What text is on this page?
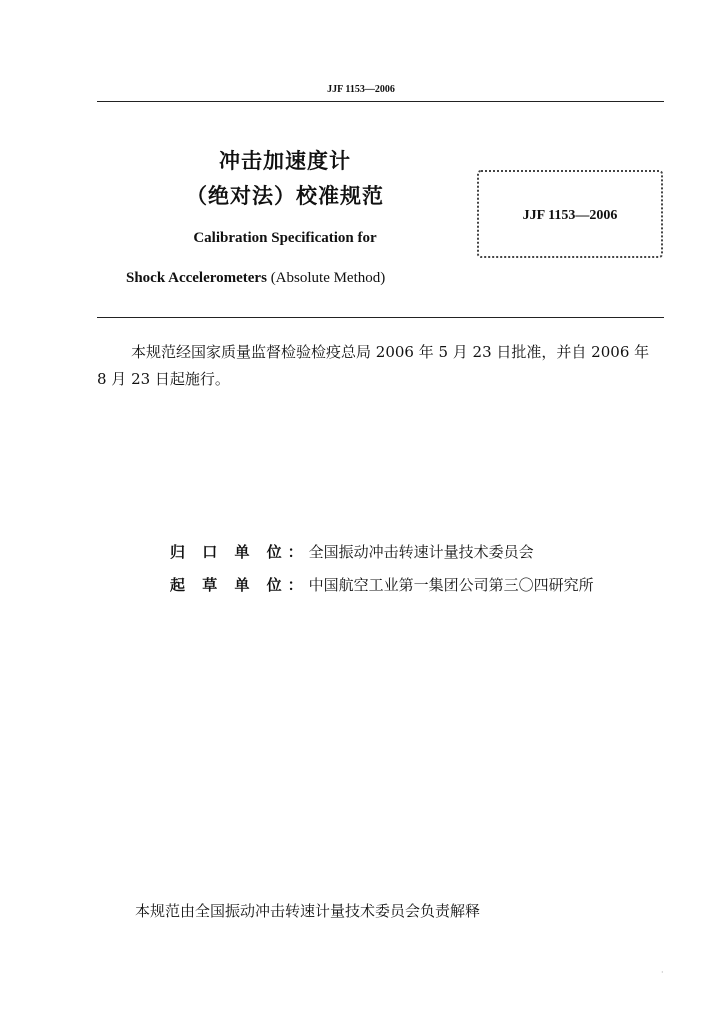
JJF 1153—2006
冲击加速度计
（绝对法）校准规范
Calibration Specification for
Shock Accelerometers (Absolute Method)
JJF 1153—2006
本规范经国家质量监督检验检疫总局 2006 年 5 月 23 日批准，并自 2006 年 8 月 23 日起施行。
归 口 单 位：全国振动冲击转速计量技术委员会
起 草 单 位：中国航空工业第一集团公司第三〇四研究所
本规范由全国振动冲击转速计量技术委员会负责解释
·
